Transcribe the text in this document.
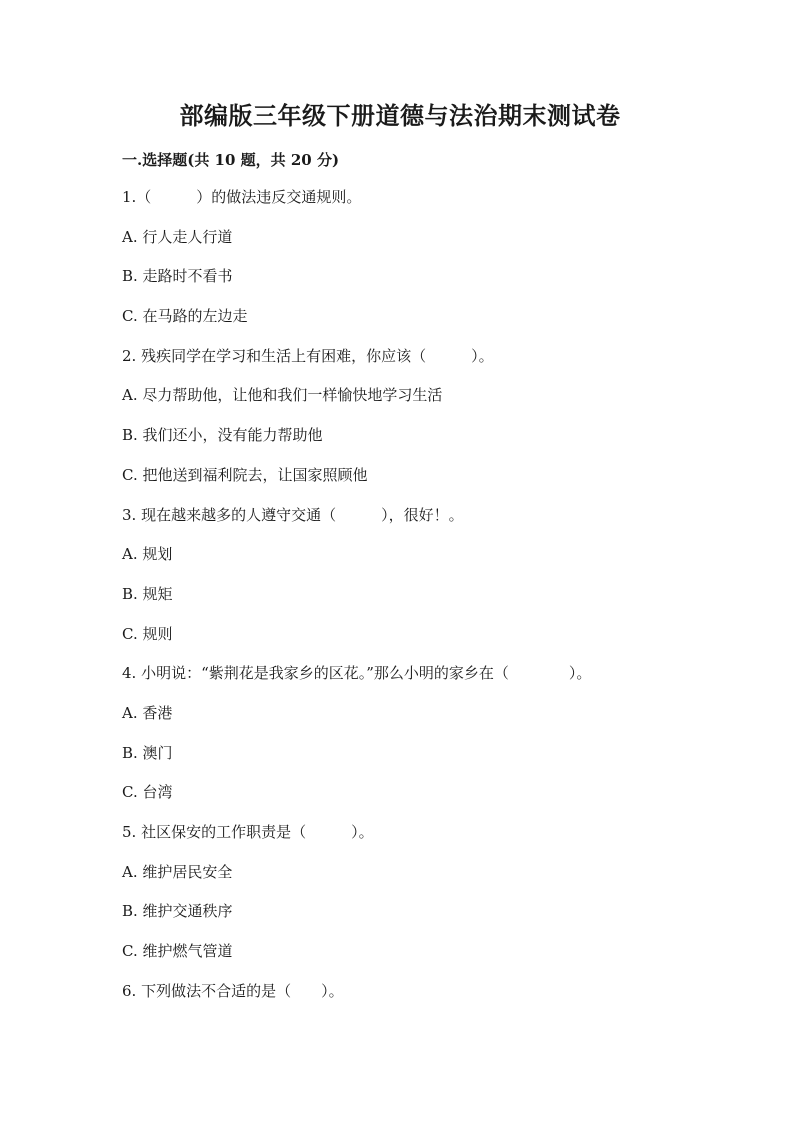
部编版三年级下册道德与法治期末测试卷
一.选择题(共 10 题，共 20 分)
1.（　　　）的做法违反交通规则。
A. 行人走人行道
B. 走路时不看书
C. 在马路的左边走
2. 残疾同学在学习和生活上有困难，你应该（　　　）。
A. 尽力帮助他，让他和我们一样愉快地学习生活
B. 我们还小，没有能力帮助他
C. 把他送到福利院去，让国家照顾他
3. 现在越来越多的人遵守交通（　　　），很好！。
A. 规划
B. 规矩
C. 规则
4. 小明说：“紫荆花是我家乡的区花。”那么小明的家乡在（　　　　）。
A. 香港
B. 澳门
C. 台湾
5. 社区保安的工作职责是（　　　）。
A. 维护居民安全
B. 维护交通秩序
C. 维护燃气管道
6. 下列做法不合适的是（　　）。
